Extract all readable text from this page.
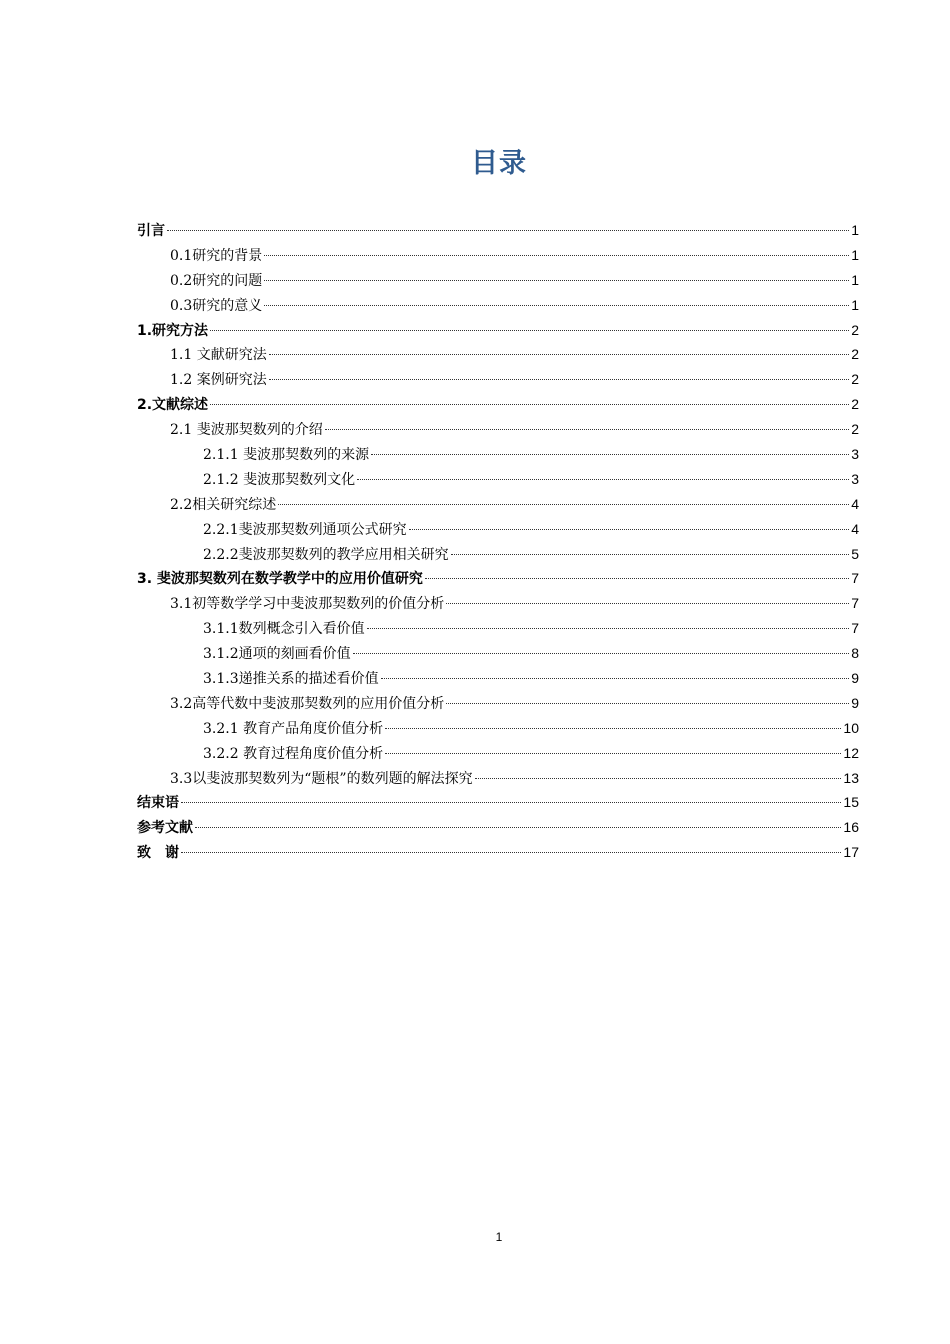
目录
引言	1
0.1研究的背景	1
0.2研究的问题	1
0.3研究的意义	1
1.研究方法	2
1.1 文献研究法	2
1.2 案例研究法	2
2.文献综述	2
2.1 斐波那契数列的介绍	2
2.1.1 斐波那契数列的来源	3
2.1.2 斐波那契数列文化	3
2.2相关研究综述	4
2.2.1斐波那契数列通项公式研究	4
2.2.2斐波那契数列的教学应用相关研究	5
3. 斐波那契数列在数学教学中的应用价值研究	7
3.1初等数学学习中斐波那契数列的价值分析	7
3.1.1数列概念引入看价值	7
3.1.2通项的刻画看价值	8
3.1.3递推关系的描述看价值	9
3.2高等代数中斐波那契数列的应用价值分析	9
3.2.1 教育产品角度价值分析	10
3.2.2 教育过程角度价值分析	12
3.3以斐波那契数列为“题根”的数列题的解法探究	13
结束语	15
参考文献	16
致　谢	17
1
